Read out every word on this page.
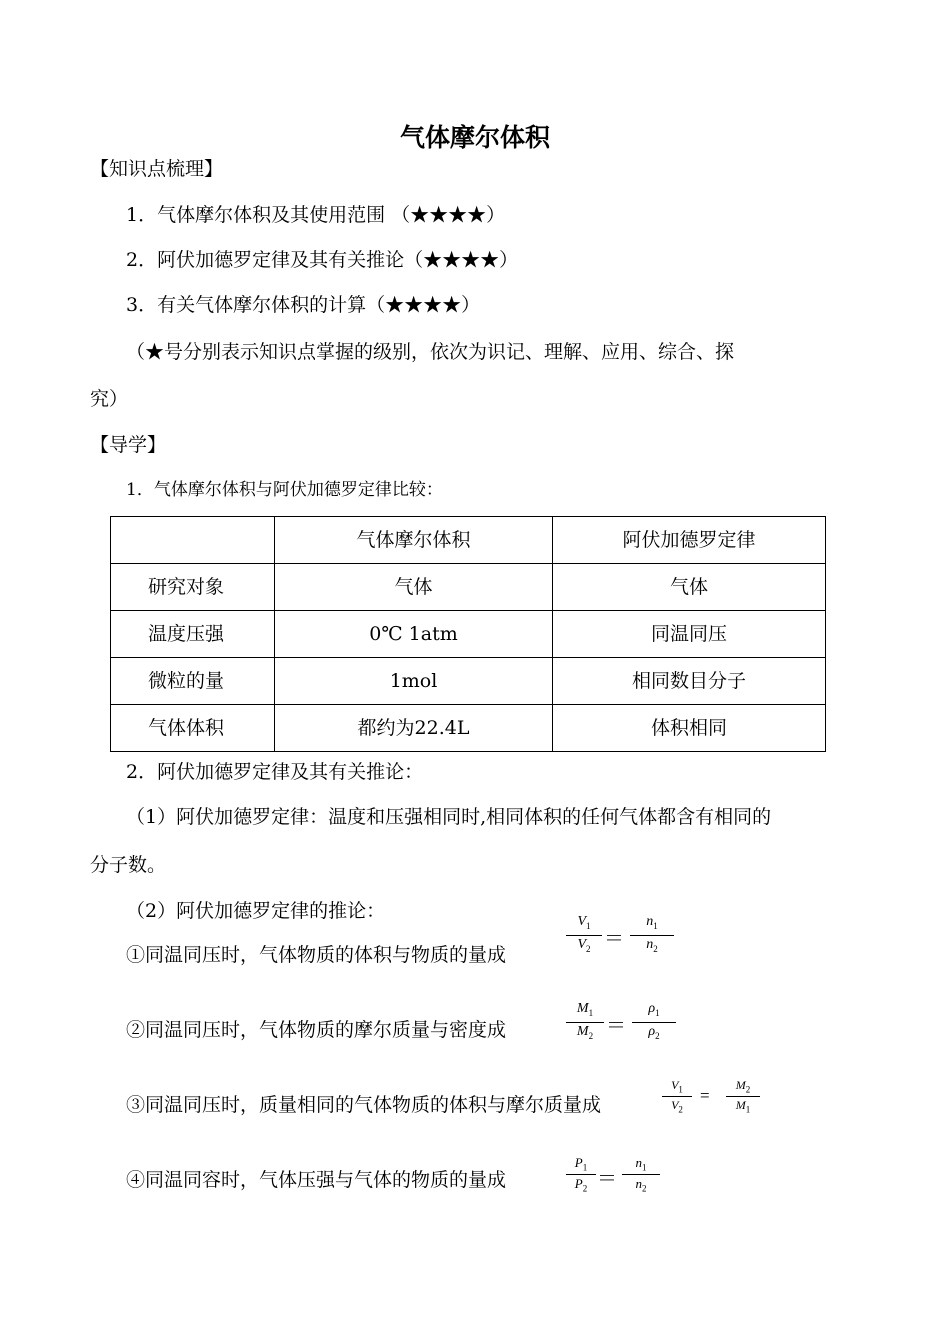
气体摩尔体积
【知识点梳理】
1．气体摩尔体积及其使用范围 （★★★★）
2．阿伏加德罗定律及其有关推论（★★★★）
3．有关气体摩尔体积的计算（★★★★）
（★号分别表示知识点掌握的级别，依次为识记、理解、应用、综合、探
究）
【导学】
1．气体摩尔体积与阿伏加德罗定律比较：
	气体摩尔体积	阿伏加德罗定律
研究对象	气体	气体
温度压强	0℃ 1atm	同温同压
微粒的量	1mol	相同数目分子
气体体积	都约为22.4L	体积相同
2．阿伏加德罗定律及其有关推论：
（1）阿伏加德罗定律：温度和压强相同时,相同体积的任何气体都含有相同的
分子数。
（2）阿伏加德罗定律的推论：
①同温同压时，气体物质的体积与物质的量成
$V_1$
$V_2$ ＝
$n_1$
$n_2$
②同温同压时，气体物质的摩尔质量与密度成
$M_1$
$M_2$ ＝
$\rho_1$
$\rho_2$
③同温同压时，质量相同的气体物质的体积与摩尔质量成
$V_1$
$V_2$
=
$M_2$
$M_1$
④同温同容时，气体压强与气体的物质的量成
$P_1$
$P_2$ ＝
$n_1$
$n_2$
